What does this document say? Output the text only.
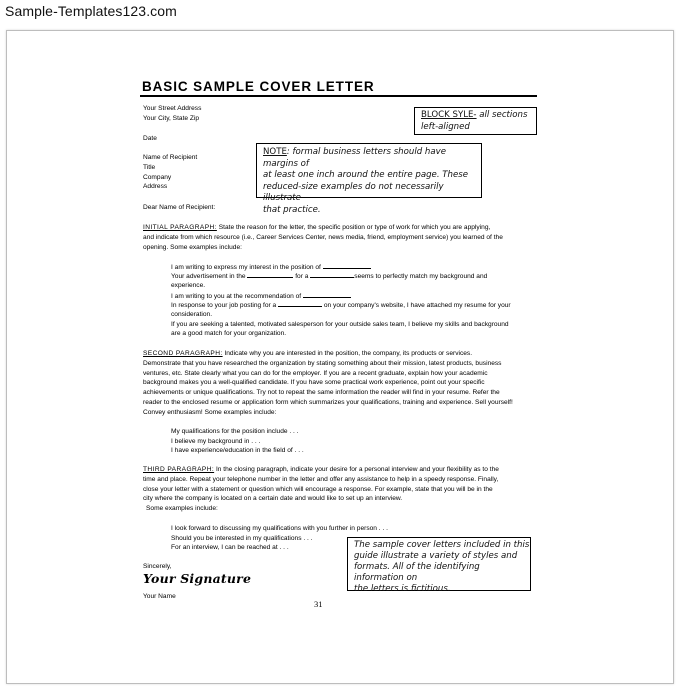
Sample-Templates123.com
BASIC SAMPLE COVER LETTER
Your Street Address
Your City, State Zip
Date
Name of Recipient
Title
Company
Address
Dear Name of Recipient:
BLOCK SYLE- all sections
left-aligned
NOTE: formal business letters should have margins of
at least one inch around the entire page. These
reduced-size examples do not necessarily illustrate
that practice.
INITIAL PARAGRAPH: State the reason for the letter, the specific position or type of work for which you are applying,
and indicate from which resource (i.e., Career Services Center, news media, friend, employment service) you learned of the
opening. Some examples include:
I am writing to express my interest in the position of
Your advertisement in the	for a	seems to perfectly match my background and
experience.
I am writing to you at the recommendation of
In response to your job posting for a	on your company's website, I have attached my resume for your
consideration.
If you are seeking a talented, motivated salesperson for your outside sales team, I believe my skills and background
are a good match for your organization.
SECOND PARAGRAPH: Indicate why you are interested in the position, the company, its products or services.
Demonstrate that you have researched the organization by stating something about their mission, latest products, business
ventures, etc. State clearly what you can do for the employer. If you are a recent graduate, explain how your academic
background makes you a well-qualified candidate. If you have some practical work experience, point out your specific
achievements or unique qualifications. Try not to repeat the same information the reader will find in your resume. Refer the
reader to the enclosed resume or application form which summarizes your qualifications, training and experience. Sell yourself!
Convey enthusiasm! Some examples include:
My qualifications for the position include . . .
I believe my background in . . .
I have experience/education in the field of . . .
THIRD PARAGRAPH: In the closing paragraph, indicate your desire for a personal interview and your flexibility as to the
time and place. Repeat your telephone number in the letter and offer any assistance to help in a speedy response. Finally,
close your letter with a statement or question which will encourage a response. For example, state that you will be in the
city where the company is located on a certain date and would like to set up an interview.
Some examples include:
I look forward to discussing my qualifications with you further in person . . .
Should you be interested in my qualifications . . .
For an interview, I can be reached at . . .	The sample cover letters included in this
guide illustrate a variety of styles and
formats. All of the identifying information on
the letters is fictitious.
Sincerely,
Your Signature
Your Name
31
